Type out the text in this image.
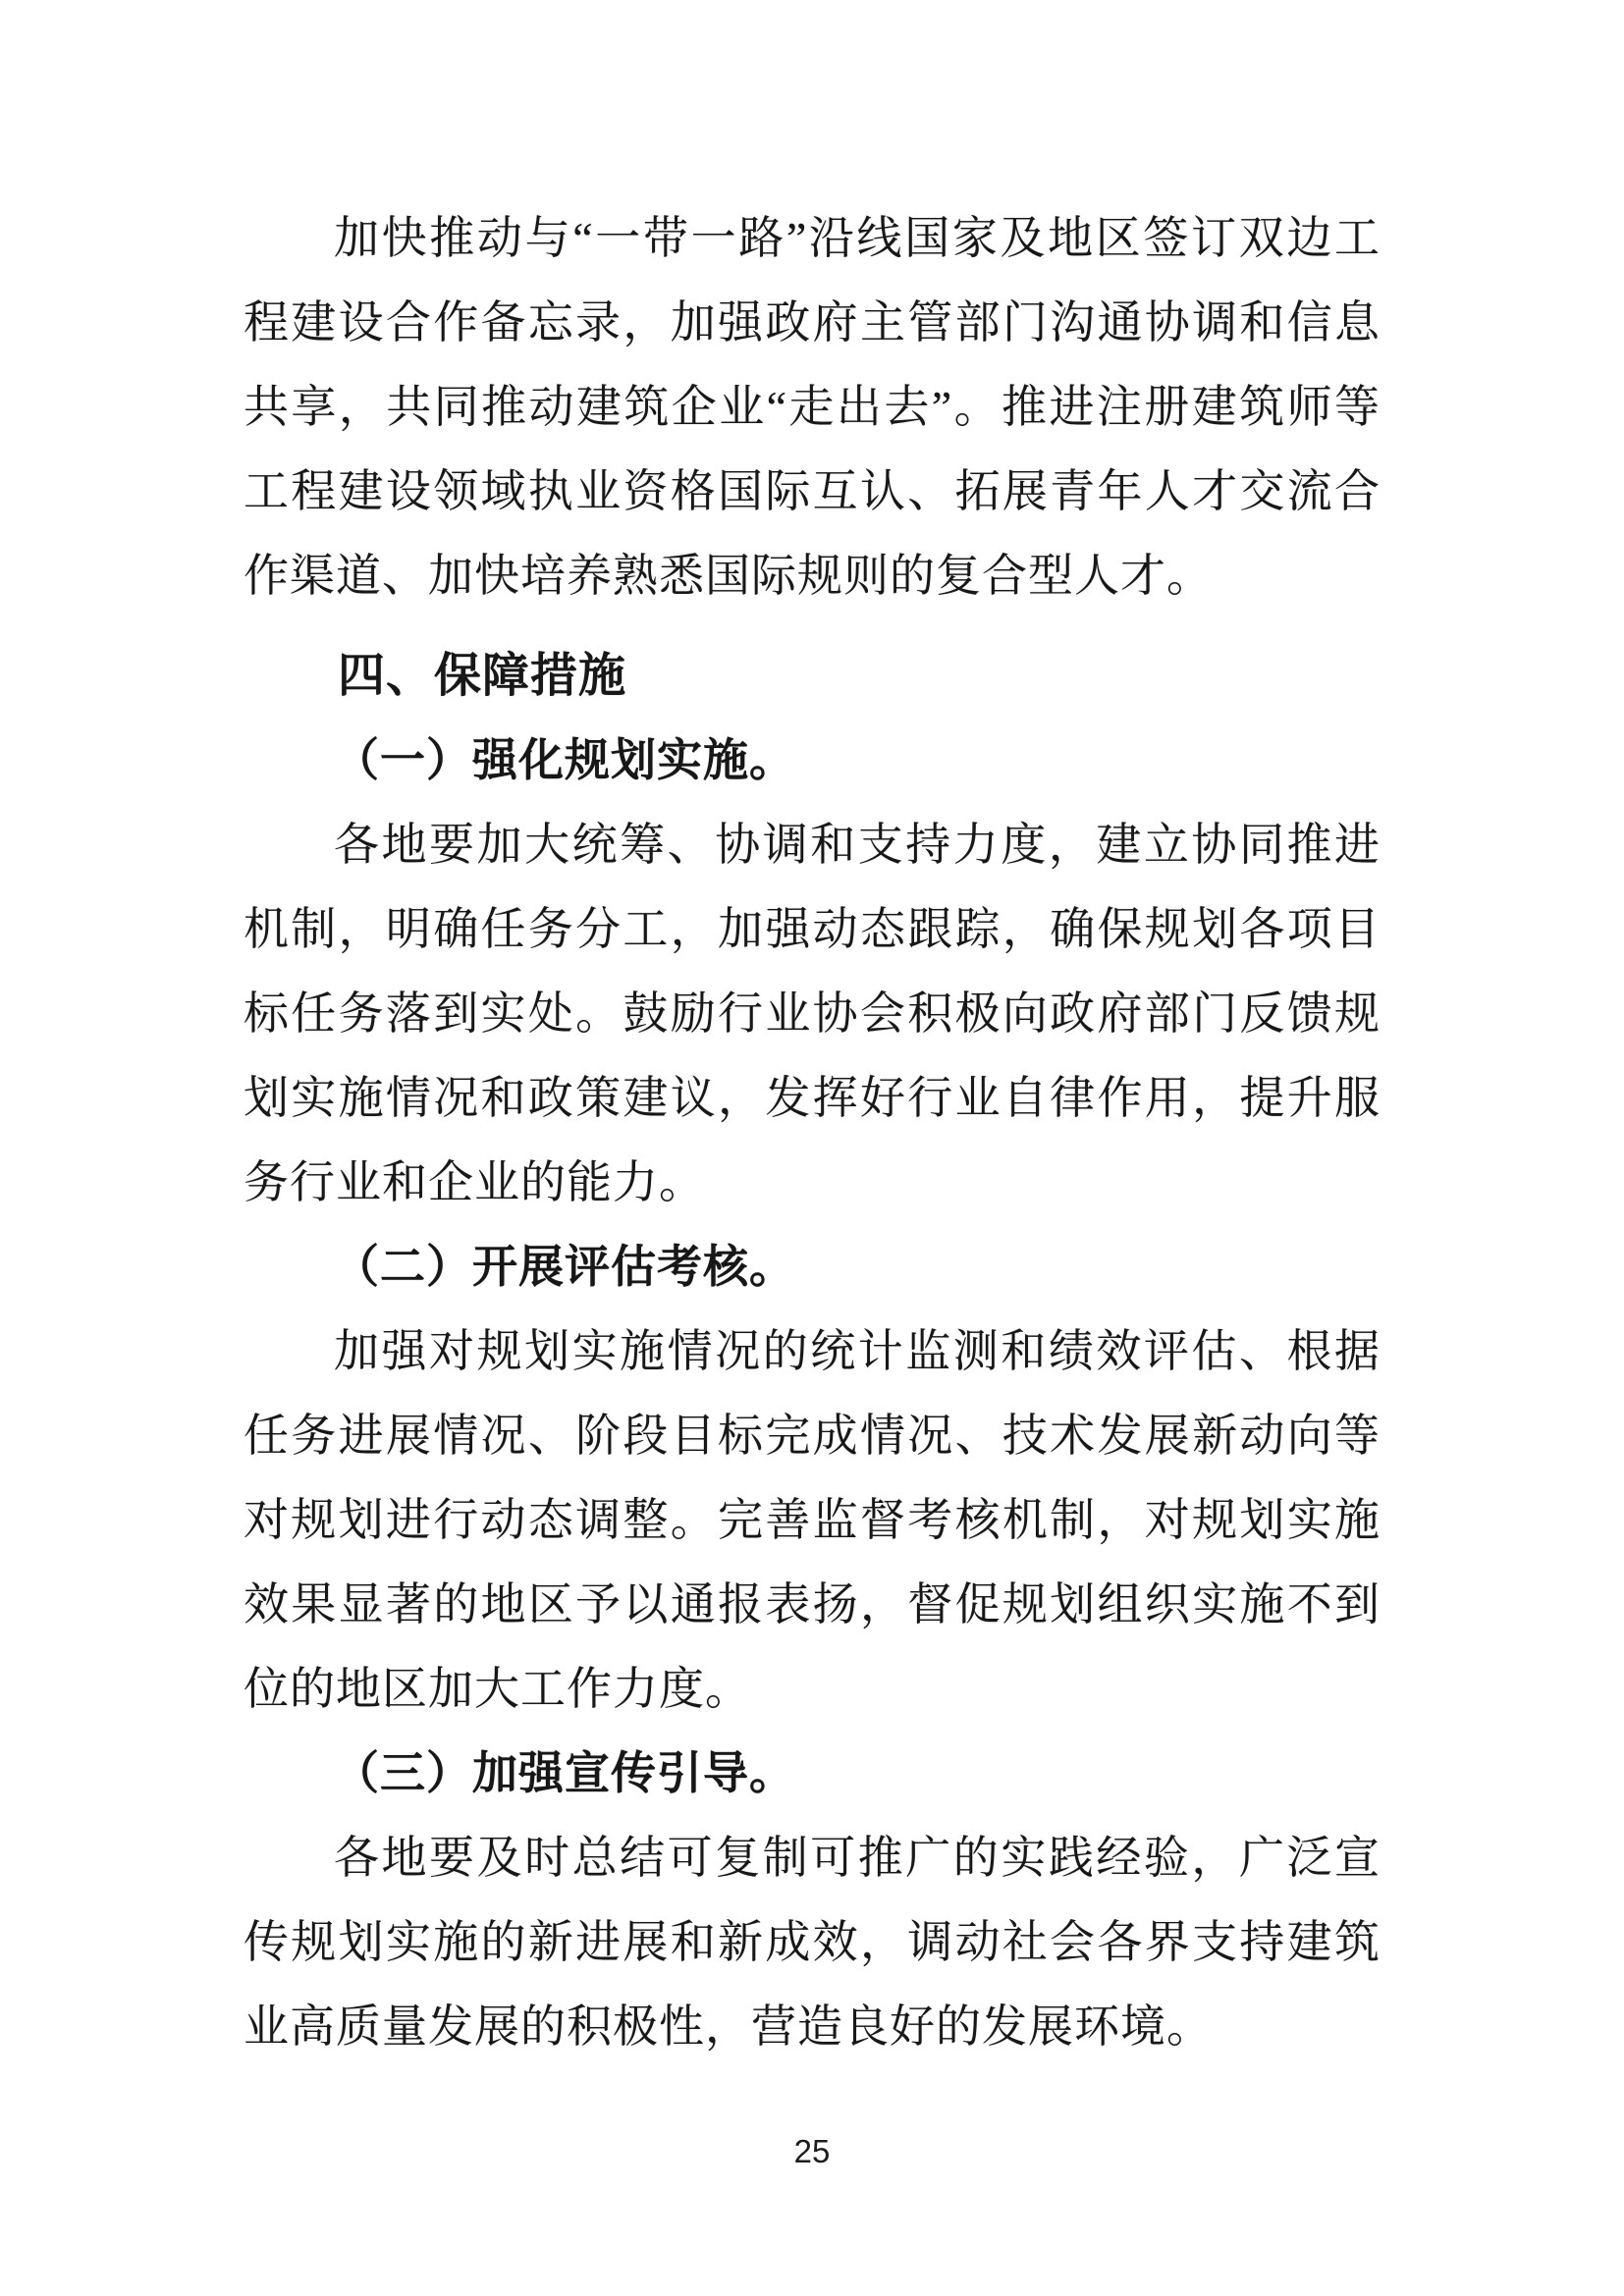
加快推动与“一带一路”沿线国家及地区签订双边工程建设合作备忘录，加强政府主管部门沟通协调和信息共享，共同推动建筑企业“走出去”。推进注册建筑师等工程建设领域执业资格国际互认、拓展青年人才交流合作渠道、加快培养熟悉国际规则的复合型人才。

四、保障措施
（一）强化规划实施。

各地要加大统筹、协调和支持力度，建立协同推进机制，明确任务分工，加强动态跟踪，确保规划各项目标任务落到实处。鼓励行业协会积极向政府部门反馈规划实施情况和政策建议，发挥好行业自律作用，提升服务行业和企业的能力。

（二）开展评估考核。

加强对规划实施情况的统计监测和绩效评估、根据任务进展情况、阶段目标完成情况、技术发展新动向等对规划进行动态调整。完善监督考核机制，对规划实施效果显著的地区予以通报表扬，督促规划组织实施不到位的地区加大工作力度。

（三）加强宣传引导。

各地要及时总结可复制可推广的实践经验，广泛宣传规划实施的新进展和新成效，调动社会各界支持建筑业高质量发展的积极性，营造良好的发展环境。

25
